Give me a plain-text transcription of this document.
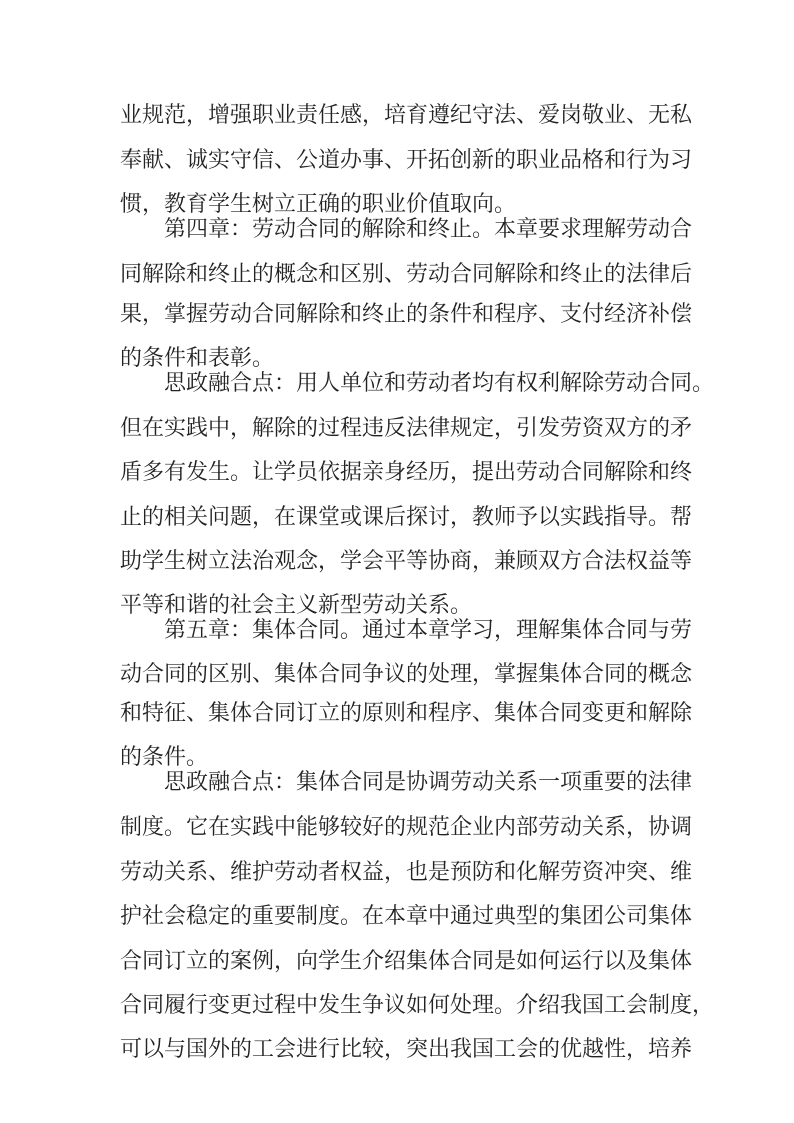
业规范，增强职业责任感，培育遵纪守法、爱岗敬业、无私

奉献、诚实守信、公道办事、开拓创新的职业品格和行为习

惯，教育学生树立正确的职业价值取向。

第四章：劳动合同的解除和终止。本章要求理解劳动合

同解除和终止的概念和区别、劳动合同解除和终止的法律后

果，掌握劳动合同解除和终止的条件和程序、支付经济补偿

的条件和表彰。

思政融合点：用人单位和劳动者均有权利解除劳动合同。

但在实践中，解除的过程违反法律规定，引发劳资双方的矛

盾多有发生。让学员依据亲身经历，提出劳动合同解除和终

止的相关问题，在课堂或课后探讨，教师予以实践指导。帮

助学生树立法治观念，学会平等协商，兼顾双方合法权益等

平等和谐的社会主义新型劳动关系。

第五章：集体合同。通过本章学习，理解集体合同与劳

动合同的区别、集体合同争议的处理，掌握集体合同的概念

和特征、集体合同订立的原则和程序、集体合同变更和解除

的条件。

思政融合点：集体合同是协调劳动关系一项重要的法律

制度。它在实践中能够较好的规范企业内部劳动关系，协调

劳动关系、维护劳动者权益，也是预防和化解劳资冲突、维

护社会稳定的重要制度。在本章中通过典型的集团公司集体

合同订立的案例，向学生介绍集体合同是如何运行以及集体

合同履行变更过程中发生争议如何处理。介绍我国工会制度，

可以与国外的工会进行比较，突出我国工会的优越性，培养
